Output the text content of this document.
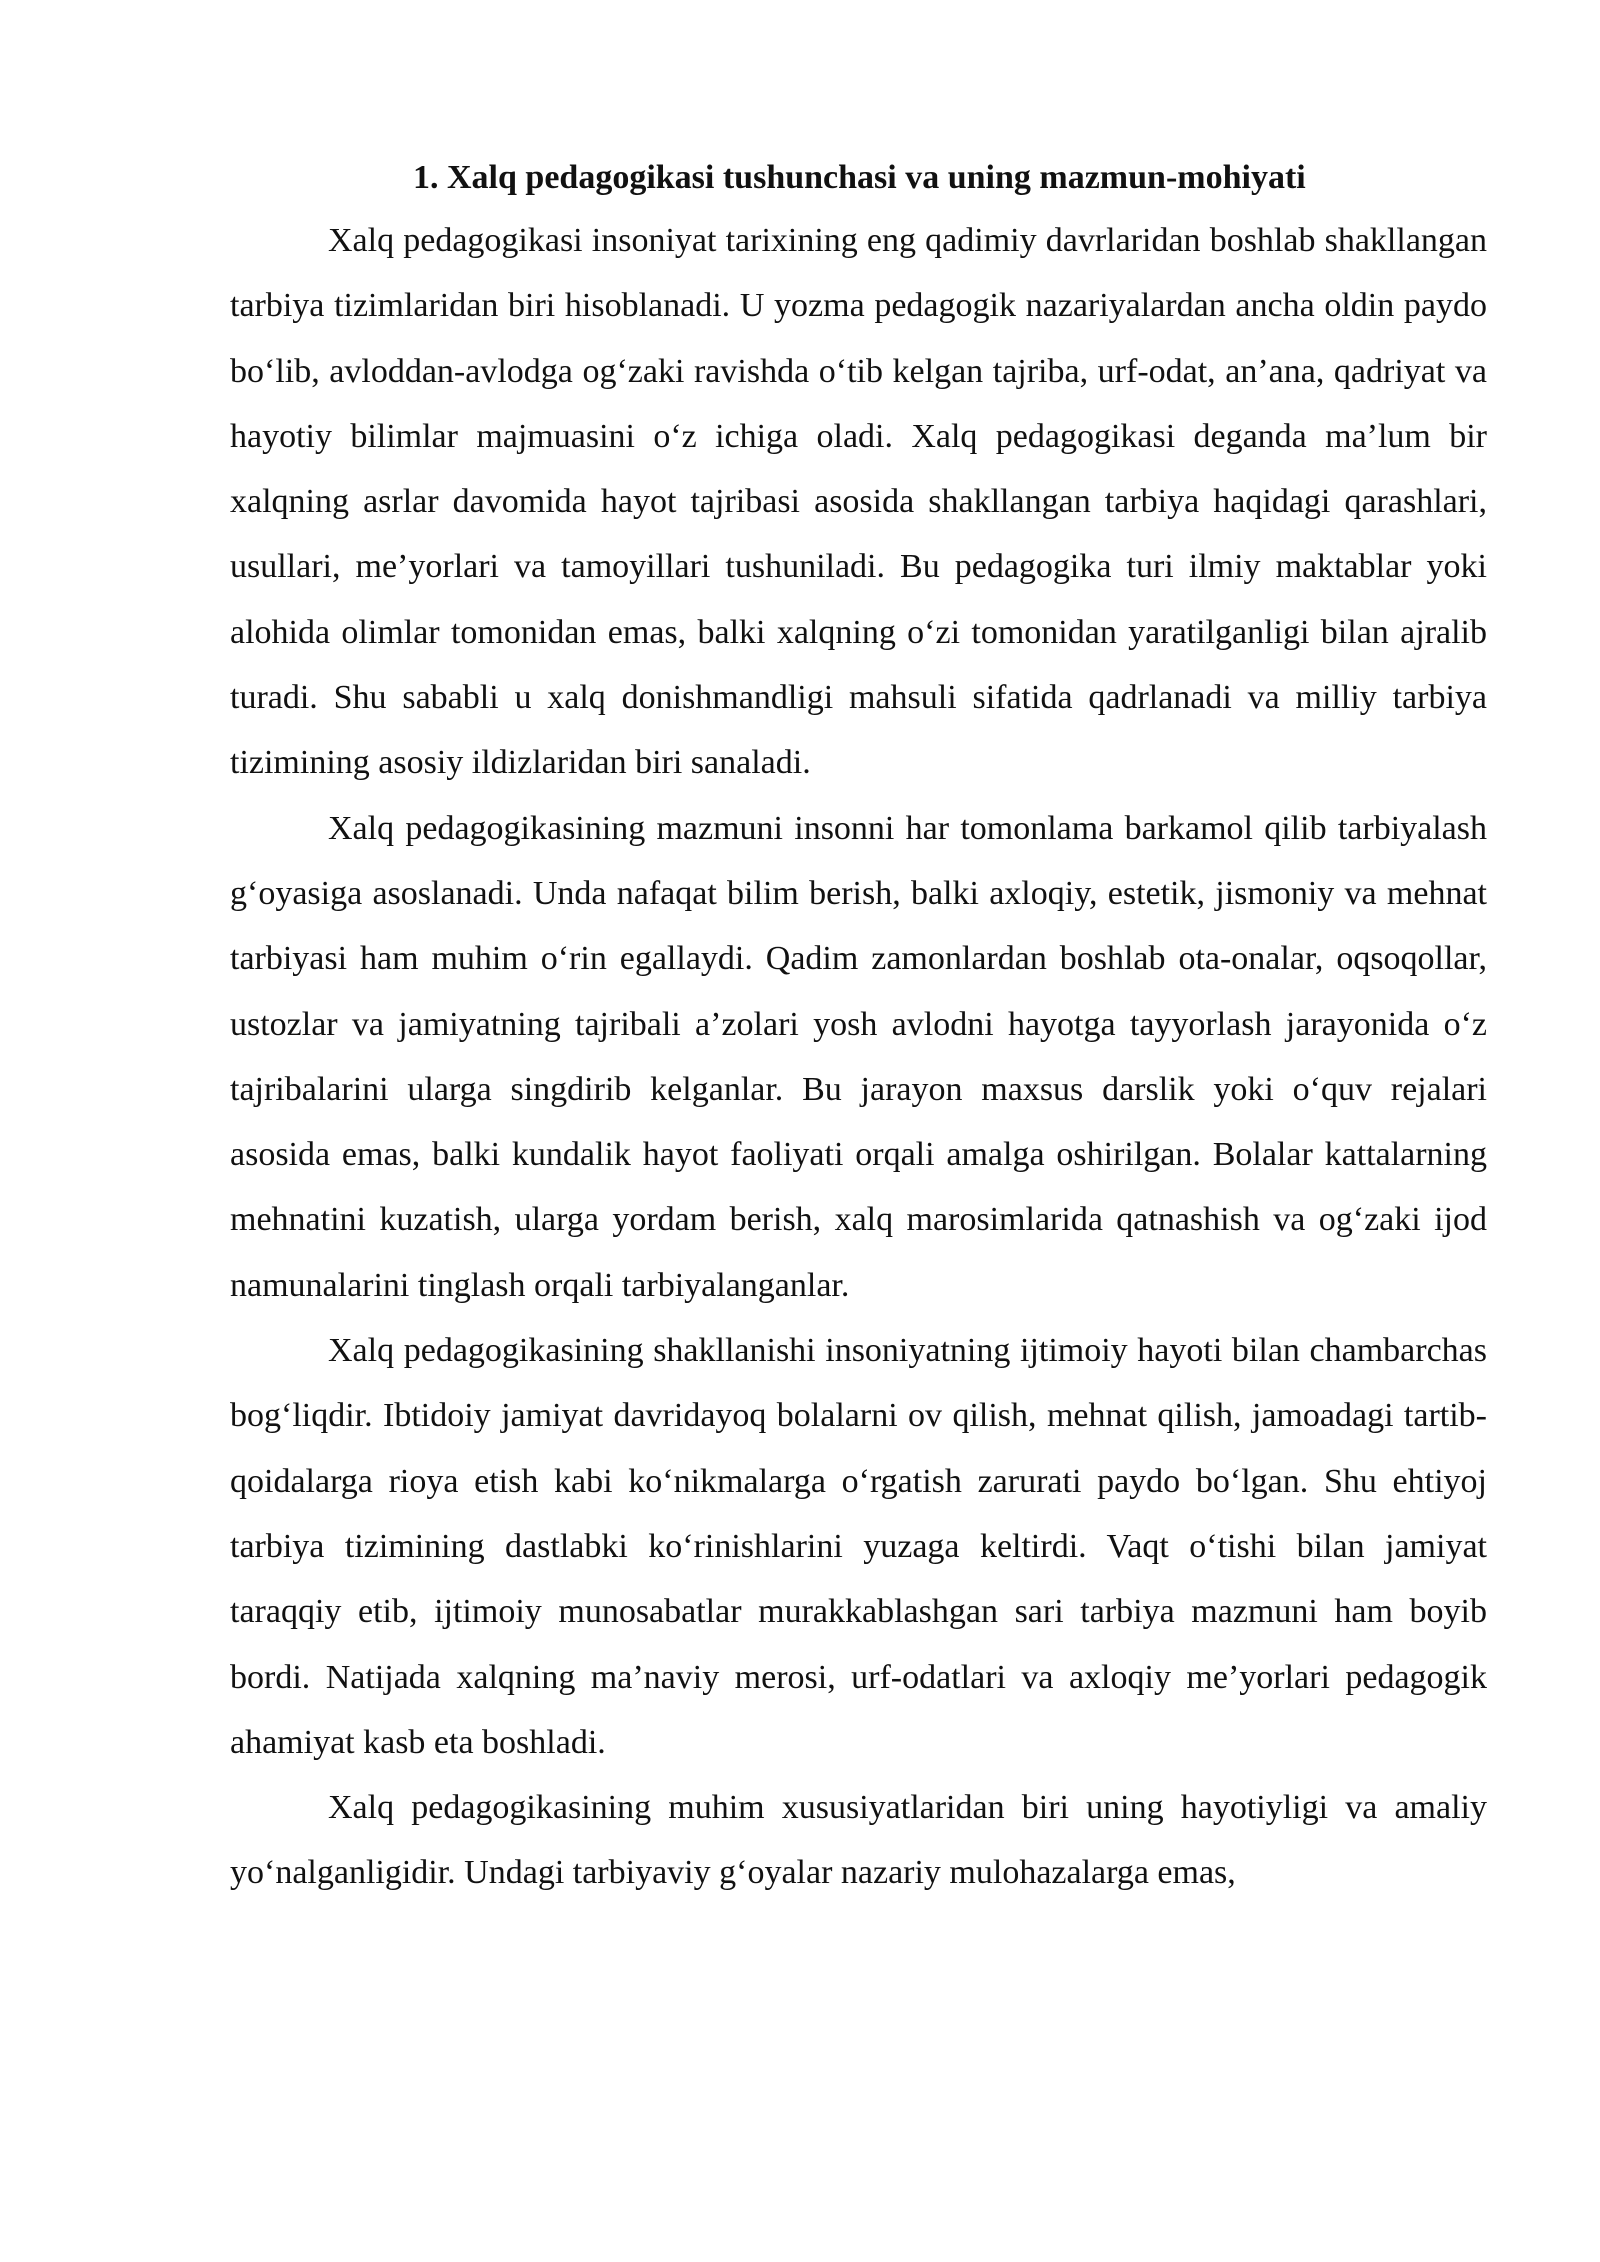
1. Xalq pedagogikasi tushunchasi va uning mazmun-mohiyati

Xalq pedagogikasi insoniyat tarixining eng qadimiy davrlaridan boshlab shakllangan tarbiya tizimlaridan biri hisoblanadi. U yozma pedagogik nazariyalardan ancha oldin paydo bo‘lib, avloddan-avlodga og‘zaki ravishda o‘tib kelgan tajriba, urf-odat, an’ana, qadriyat va hayotiy bilimlar majmuasini o‘z ichiga oladi. Xalq pedagogikasi deganda ma’lum bir xalqning asrlar davomida hayot tajribasi asosida shakllangan tarbiya haqidagi qarashlari, usullari, me’yorlari va tamoyillari tushuniladi. Bu pedagogika turi ilmiy maktablar yoki alohida olimlar tomonidan emas, balki xalqning o‘zi tomonidan yaratilganligi bilan ajralib turadi. Shu sababli u xalq donishmandligi mahsuli sifatida qadrlanadi va milliy tarbiya tizimining asosiy ildizlaridan biri sanaladi.

Xalq pedagogikasining mazmuni insonni har tomonlama barkamol qilib tarbiyalash g‘oyasiga asoslanadi. Unda nafaqat bilim berish, balki axloqiy, estetik, jismoniy va mehnat tarbiyasi ham muhim o‘rin egallaydi. Qadim zamonlardan boshlab ota-onalar, oqsoqollar, ustozlar va jamiyatning tajribali a’zolari yosh avlodni hayotga tayyorlash jarayonida o‘z tajribalarini ularga singdirib kelganlar. Bu jarayon maxsus darslik yoki o‘quv rejalari asosida emas, balki kundalik hayot faoliyati orqali amalga oshirilgan. Bolalar kattalarning mehnatini kuzatish, ularga yordam berish, xalq marosimlarida qatnashish va og‘zaki ijod namunalarini tinglash orqali tarbiyalanganlar.

Xalq pedagogikasining shakllanishi insoniyatning ijtimoiy hayoti bilan chambarchas bog‘liqdir. Ibtidoiy jamiyat davridayoq bolalarni ov qilish, mehnat qilish, jamoadagi tartib-qoidalarga rioya etish kabi ko‘nikmalarga o‘rgatish zarurati paydo bo‘lgan. Shu ehtiyoj tarbiya tizimining dastlabki ko‘rinishlarini yuzaga keltirdi. Vaqt o‘tishi bilan jamiyat taraqqiy etib, ijtimoiy munosabatlar murakkablashgan sari tarbiya mazmuni ham boyib bordi. Natijada xalqning ma’naviy merosi, urf-odatlari va axloqiy me’yorlari pedagogik ahamiyat kasb eta boshladi.

Xalq pedagogikasining muhim xususiyatlaridan biri uning hayotiyligi va amaliy yo‘nalganligidir. Undagi tarbiyaviy g‘oyalar nazariy mulohazalarga emas,
